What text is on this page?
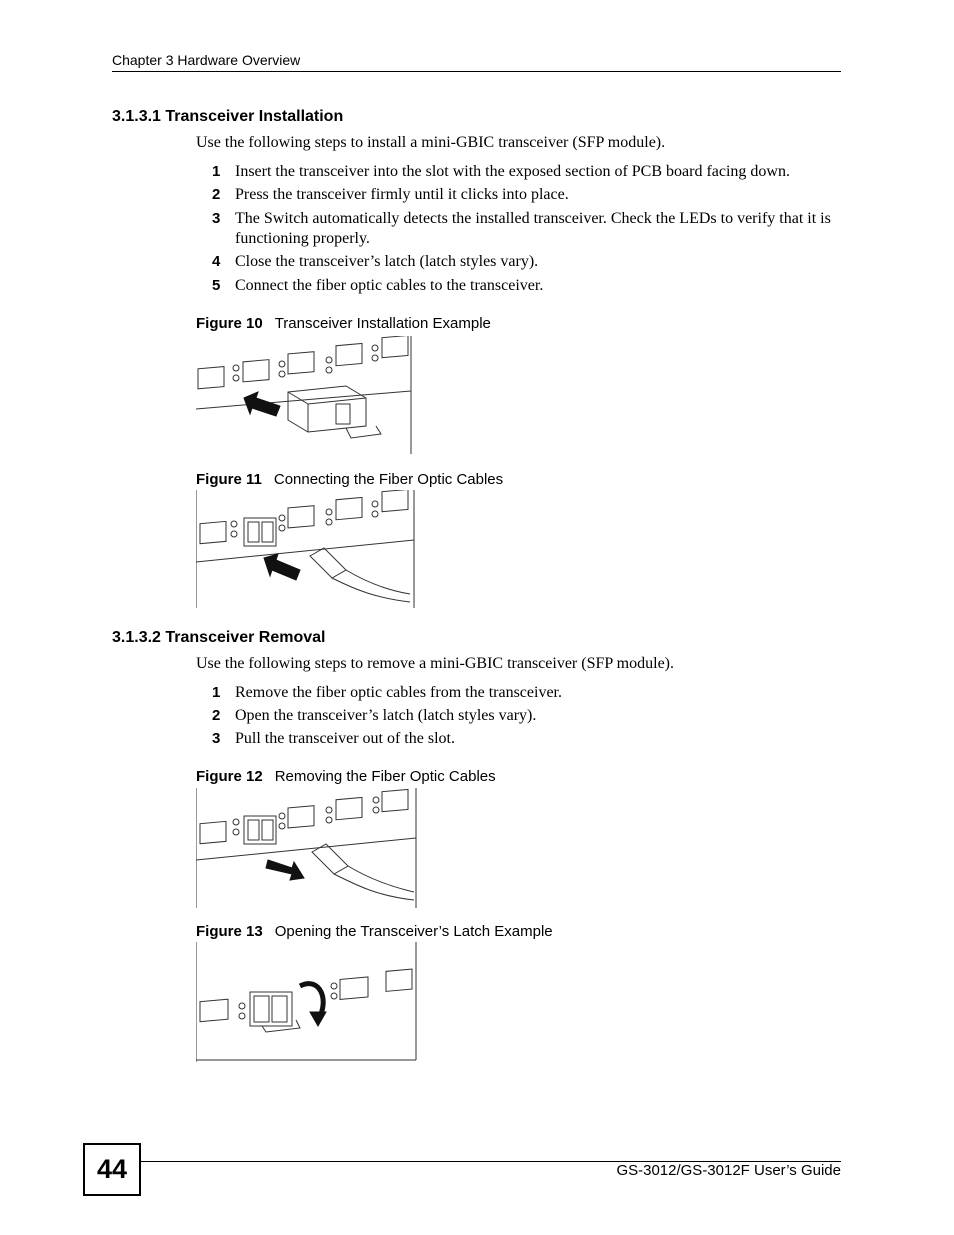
Chapter 3 Hardware Overview
3.1.3.1 Transceiver Installation
Use the following steps to install a mini-GBIC transceiver (SFP module).
1 Insert the transceiver into the slot with the exposed section of PCB board facing down.
2 Press the transceiver firmly until it clicks into place.
3 The Switch automatically detects the installed transceiver. Check the LEDs to verify that it is functioning properly.
4 Close the transceiver’s latch (latch styles vary).
5 Connect the fiber optic cables to the transceiver.
Figure 10 Transceiver Installation Example
Figure 11 Connecting the Fiber Optic Cables
3.1.3.2 Transceiver Removal
Use the following steps to remove a mini-GBIC transceiver (SFP module).
1 Remove the fiber optic cables from the transceiver.
2 Open the transceiver’s latch (latch styles vary).
3 Pull the transceiver out of the slot.
Figure 12 Removing the Fiber Optic Cables
Figure 13 Opening the Transceiver’s Latch Example
44	GS-3012/GS-3012F User’s Guide
